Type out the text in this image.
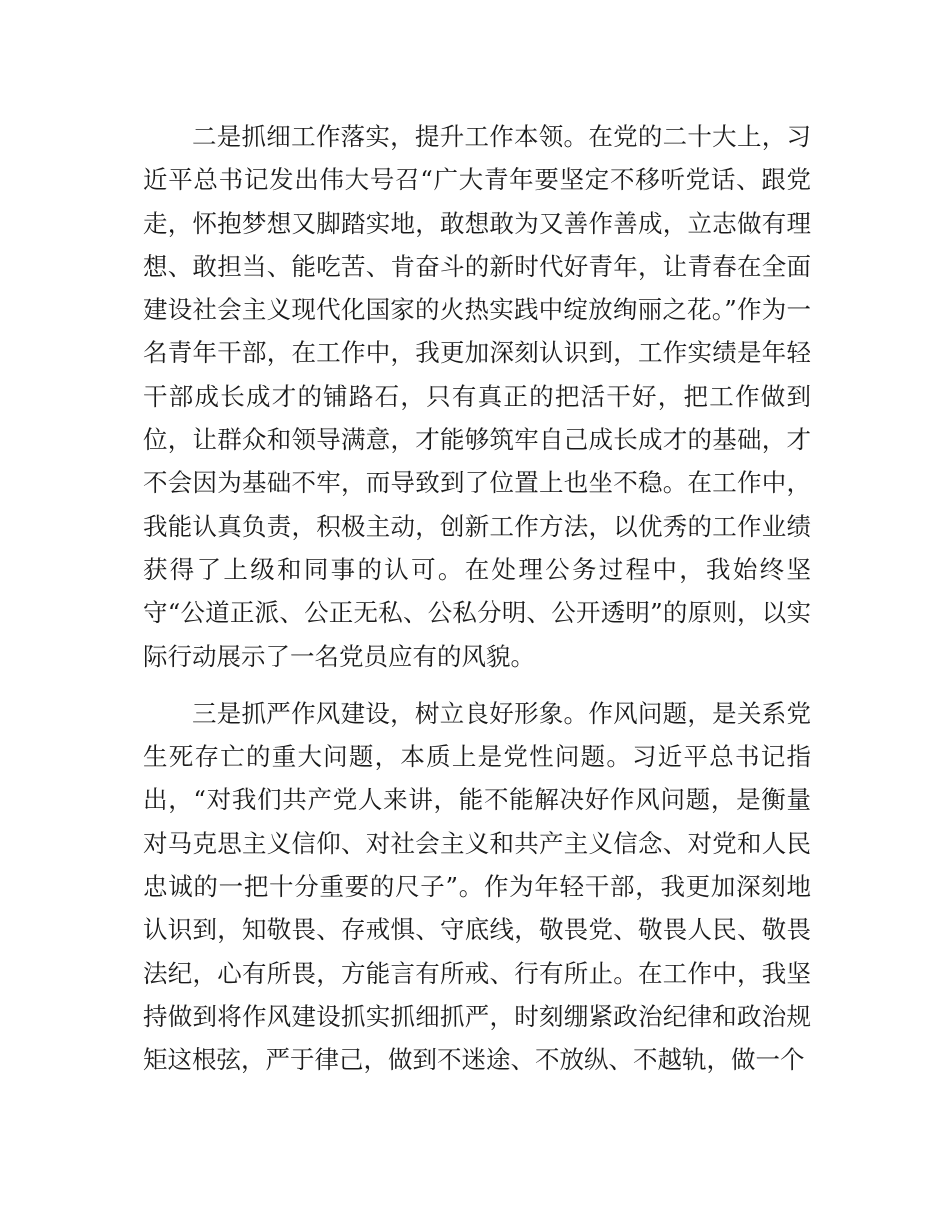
二是抓细工作落实，提升工作本领。在党的二十大上，习近平总书记发出伟大号召“广大青年要坚定不移听党话、跟党走，怀抱梦想又脚踏实地，敢想敢为又善作善成，立志做有理想、敢担当、能吃苦、肯奋斗的新时代好青年，让青春在全面建设社会主义现代化国家的火热实践中绽放绚丽之花。”作为一名青年干部，在工作中，我更加深刻认识到，工作实绩是年轻干部成长成才的铺路石，只有真正的把活干好，把工作做到位，让群众和领导满意，才能够筑牢自己成长成才的基础，才不会因为基础不牢，而导致到了位置上也坐不稳。在工作中，我能认真负责，积极主动，创新工作方法，以优秀的工作业绩获得了上级和同事的认可。在处理公务过程中，我始终坚守“公道正派、公正无私、公私分明、公开透明”的原则，以实际行动展示了一名党员应有的风貌。

三是抓严作风建设，树立良好形象。作风问题，是关系党生死存亡的重大问题，本质上是党性问题。习近平总书记指出，“对我们共产党人来讲，能不能解决好作风问题，是衡量对马克思主义信仰、对社会主义和共产主义信念、对党和人民忠诚的一把十分重要的尺子”。作为年轻干部，我更加深刻地认识到，知敬畏、存戒惧、守底线，敬畏党、敬畏人民、敬畏法纪，心有所畏，方能言有所戒、行有所止。在工作中，我坚持做到将作风建设抓实抓细抓严，时刻绷紧政治纪律和政治规矩这根弦，严于律己，做到不迷途、不放纵、不越轨，做一个
